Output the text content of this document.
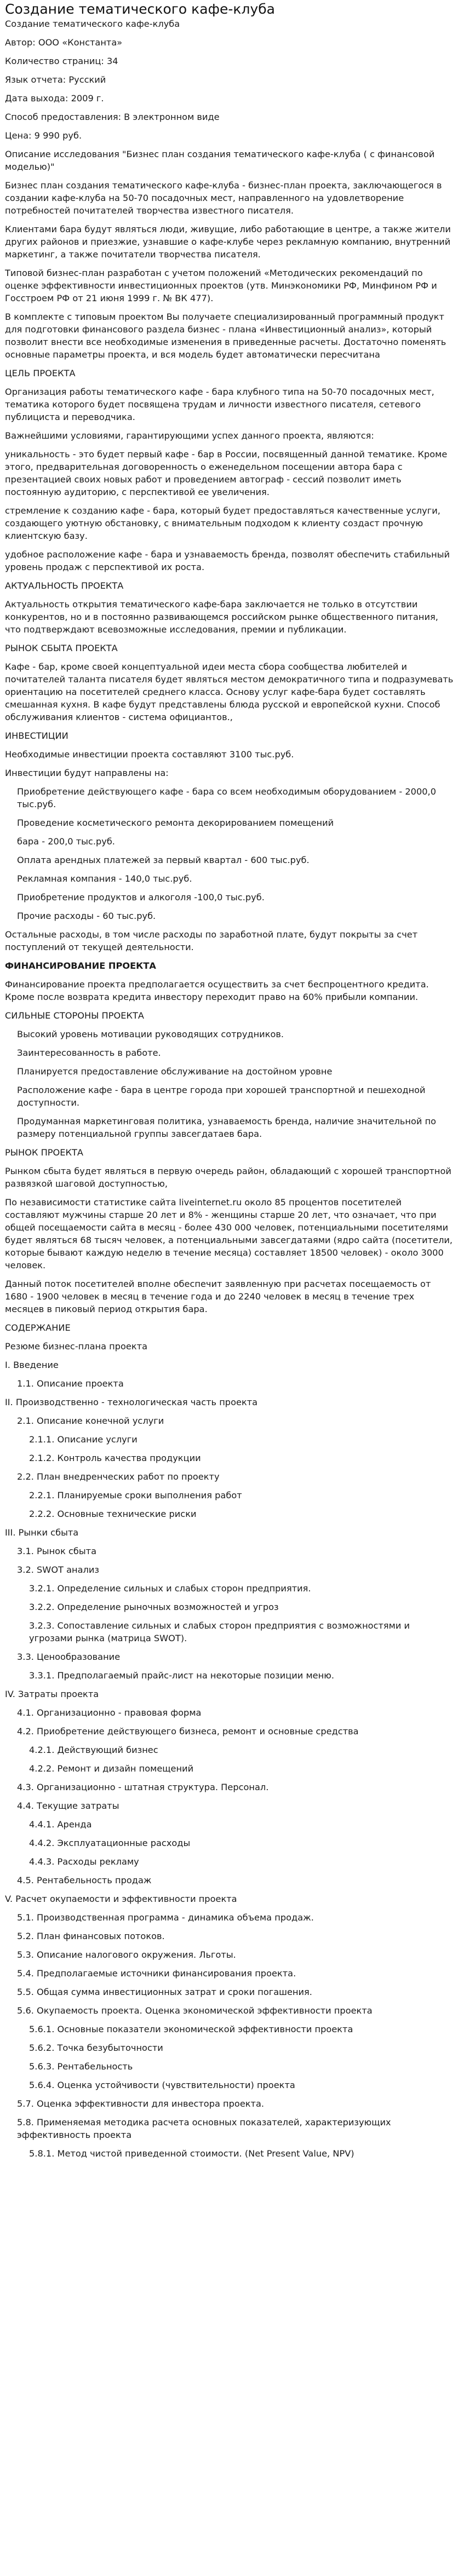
Создание тематического кафе-клуба

Создание тематического кафе-клуба

Автор: ООО «Константа»

Количество страниц: 34

Язык отчета: Русский

Дата выхода: 2009 г.

Способ предоставления: В электронном виде

Цена: 9 990 руб.

Описание исследования "Бизнес план создания тематического кафе-клуба ( с финансовой моделью)"

Бизнес план создания тематического кафе-клуба - бизнес-план проекта, заключающегося в создании кафе-клуба на 50-70 посадочных мест, направленного на удовлетворение потребностей почитателей творчества известного писателя.

Клиентами бара будут являться люди, живущие, либо работающие в центре, а также жители других районов и приезжие, узнавшие о кафе-клубе через рекламную компанию, внутренний маркетинг, а также почитатели творчества писателя.

Типовой бизнес-план разработан с учетом положений «Методических рекомендаций по оценке эффективности инвестиционных проектов (утв. Минэкономики РФ, Минфином РФ и Госстроем РФ от 21 июня 1999 г. № ВК 477).

В комплекте с типовым проектом Вы получаете специализированный программный продукт для подготовки финансового раздела бизнес - плана «Инвестиционный анализ», который позволит внести все необходимые изменения в приведенные расчеты. Достаточно поменять основные параметры проекта, и вся модель будет автоматически пересчитана

ЦЕЛЬ ПРОЕКТА

Организация работы тематического кафе - бара клубного типа на 50-70 посадочных мест, тематика которого будет посвящена трудам и личности известного писателя, сетевого публициста и переводчика.

Важнейшими условиями, гарантирующими успех данного проекта, являются:

уникальность - это будет первый кафе - бар в России, посвященный данной тематике. Кроме этого, предварительная договоренность о еженедельном посещении автора бара с презентацией своих новых работ и проведением автограф - сессий позволит иметь постоянную аудиторию, с перспективой ее увеличения.

стремление к созданию кафе - бара, который будет предоставляться качественные услуги, создающего уютную обстановку, с внимательным подходом к клиенту создаст прочную клиентскую базу.

удобное расположение кафе - бара и узнаваемость бренда, позволят обеспечить стабильный уровень продаж с перспективой их роста.

АКТУАЛЬНОСТЬ ПРОЕКТА

Актуальность открытия тематического кафе-бара заключается не только в отсутствии конкурентов, но и в постоянно развивающемся российском рынке общественного питания, что подтверждают всевозможные исследования, премии и публикации.

РЫНОК СБЫТА ПРОЕКТА

Кафе - бар, кроме своей концептуальной идеи места сбора сообщества любителей и почитателей таланта писателя будет являться местом демократичного типа и подразумевать ориентацию на посетителей среднего класса. Основу услуг кафе-бара будет составлять смешанная кухня. В кафе будут представлены блюда русской и европейской кухни. Способ обслуживания клиентов - система официантов.,

ИНВЕСТИЦИИ

Необходимые инвестиции проекта составляют 3100 тыс.руб.

Инвестиции будут направлены на:

Приобретение действующего кафе - бара со всем необходимым оборудованием - 2000,0 тыс.руб.

Проведение косметического ремонта декорированием помещений

бара - 200,0 тыс.руб.

Оплата арендных платежей за первый квартал - 600 тыс.руб.

Рекламная компания - 140,0 тыс.руб.

Приобретение продуктов и алкоголя -100,0 тыс.руб.

Прочие расходы - 60 тыс.руб.

Остальные расходы, в том числе расходы по заработной плате, будут покрыты за счет поступлений от текущей деятельности.

ФИНАНСИРОВАНИЕ ПРОЕКТА

Финансирование проекта предполагается осуществить за счет беспроцентного кредита. Кроме после возврата кредита инвестору переходит право на 60% прибыли компании.

СИЛЬНЫЕ СТОРОНЫ ПРОЕКТА

Высокий уровень мотивации руководящих сотрудников.

Заинтересованность в работе.

Планируется предоставление обслуживание на достойном уровне

Расположение кафе - бара в центре города при хорошей транспортной и пешеходной доступности.

Продуманная маркетинговая политика, узнаваемость бренда, наличие значительной по размеру потенциальной группы завсегдатаев бара.

РЫНОК ПРОЕКТА

Рынком сбыта будет являться в первую очередь район, обладающий с хорошей транспортной развязкой шаговой доступностью,

По независимости статистике сайта liveinternet.ru около 85 процентов посетителей составляют мужчины старше 20 лет и 8% - женщины старше 20 лет, что означает, что при общей посещаемости сайта в месяц - более 430 000 человек, потенциальными посетителями будет являться 68 тысяч человек, а потенциальными завсегдатаями (ядро сайта (посетители, которые бывают каждую неделю в течение месяца) составляет 18500 человек) - около 3000 человек.

Данный поток посетителей вполне обеспечит заявленную при расчетах посещаемость от 1680 - 1900 человек в месяц в течение года и до 2240 человек в месяц в течение трех месяцев в пиковый период открытия бара.

СОДЕРЖАНИЕ

Резюме бизнес-плана проекта

I. Введение
1.1. Описание проекта
II. Производственно - технологическая часть проекта
2.1. Описание конечной услуги
2.1.1. Описание услуги
2.1.2. Контроль качества продукции
2.2. План внедренческих работ по проекту
2.2.1. Планируемые сроки выполнения работ
2.2.2. Основные технические риски
III. Рынки сбыта
3.1. Рынок сбыта
3.2. SWOT анализ
3.2.1. Определение сильных и слабых сторон предприятия.
3.2.2. Определение рыночных возможностей и угроз
3.2.3. Сопоставление сильных и слабых сторон предприятия с возможностями и угрозами рынка (матрица SWOT).
3.3. Ценообразование
3.3.1. Предполагаемый прайс-лист на некоторые позиции меню.
IV. Затраты проекта
4.1. Организационно - правовая форма
4.2. Приобретение действующего бизнеса, ремонт и основные средства
4.2.1. Действующий бизнес
4.2.2. Ремонт и дизайн помещений
4.3. Организационно - штатная структура. Персонал.
4.4. Текущие затраты
4.4.1. Аренда
4.4.2. Эксплуатационные расходы
4.4.3. Расходы рекламу
4.5. Рентабельность продаж
V. Расчет окупаемости и эффективности проекта
5.1. Производственная программа - динамика объема продаж.
5.2. План финансовых потоков.
5.3. Описание налогового окружения. Льготы.
5.4. Предполагаемые источники финансирования проекта.
5.5. Общая сумма инвестиционных затрат и сроки погашения.
5.6. Окупаемость проекта. Оценка экономической эффективности проекта
5.6.1. Основные показатели экономической эффективности проекта
5.6.2. Точка безубыточности
5.6.3. Рентабельность
5.6.4. Оценка устойчивости (чувствительности) проекта
5.7. Оценка эффективности для инвестора проекта.
5.8. Применяемая методика расчета основных показателей, характеризующих эффективность проекта
5.8.1. Метод чистой приведенной стоимости. (Net Present Value, NPV)
